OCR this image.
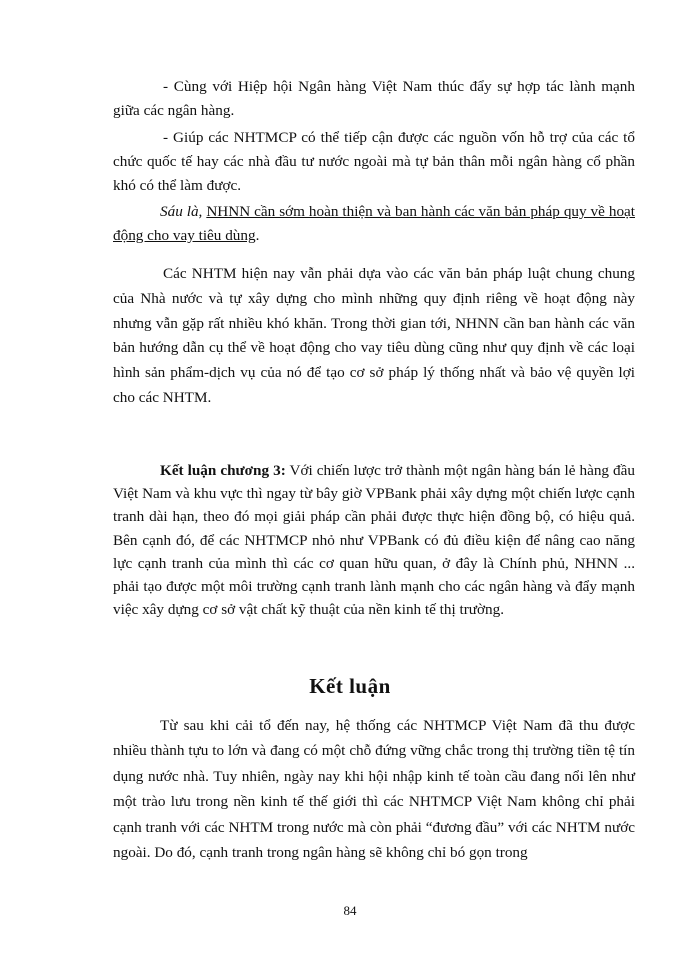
- Cùng với Hiệp hội Ngân hàng Việt Nam thúc đẩy sự hợp tác lành mạnh giữa các ngân hàng.

- Giúp các NHTMCP có thể tiếp cận được các nguồn vốn hỗ trợ của các tổ chức quốc tế hay các nhà đầu tư nước ngoài mà tự bản thân mỗi ngân hàng cổ phần khó có thể làm được.

Sáu là, NHNN cần sớm hoàn thiện và ban hành các văn bản pháp quy về hoạt động cho vay tiêu dùng.

Các NHTM hiện nay vẫn phải dựa vào các văn bản pháp luật chung chung của Nhà nước và tự xây dựng cho mình những quy định riêng về hoạt động này nhưng vẫn gặp rất nhiều khó khăn. Trong thời gian tới, NHNN cần ban hành các văn bản hướng dẫn cụ thể về hoạt động cho vay tiêu dùng cũng như quy định về các loại hình sản phẩm-dịch vụ của nó để tạo cơ sở pháp lý thống nhất và bảo vệ quyền lợi cho các NHTM.

Kết luận chương 3: Với chiến lược trở thành một ngân hàng bán lẻ hàng đầu Việt Nam và khu vực thì ngay từ bây giờ VPBank phải xây dựng một chiến lược cạnh tranh dài hạn, theo đó mọi giải pháp cần phải được thực hiện đồng bộ, có hiệu quả. Bên cạnh đó, để các NHTMCP nhỏ như VPBank có đủ điều kiện để nâng cao năng lực cạnh tranh của mình thì các cơ quan hữu quan, ở đây là Chính phủ, NHNN ... phải tạo được một môi trường cạnh tranh lành mạnh cho các ngân hàng và đẩy mạnh việc xây dựng cơ sở vật chất kỹ thuật của nền kinh tế thị trường.

Kết luận

Từ sau khi cải tổ đến nay, hệ thống các NHTMCP Việt Nam đã thu được nhiều thành tựu to lớn và đang có một chỗ đứng vững chắc trong thị trường tiền tệ tín dụng nước nhà. Tuy nhiên, ngày nay khi hội nhập kinh tế toàn cầu đang nổi lên như một trào lưu trong nền kinh tế thế giới thì các NHTMCP Việt Nam không chỉ phải cạnh tranh với các NHTM trong nước mà còn phải “đương đầu” với các NHTM nước ngoài. Do đó, cạnh tranh trong ngân hàng sẽ không chỉ bó gọn trong

84
